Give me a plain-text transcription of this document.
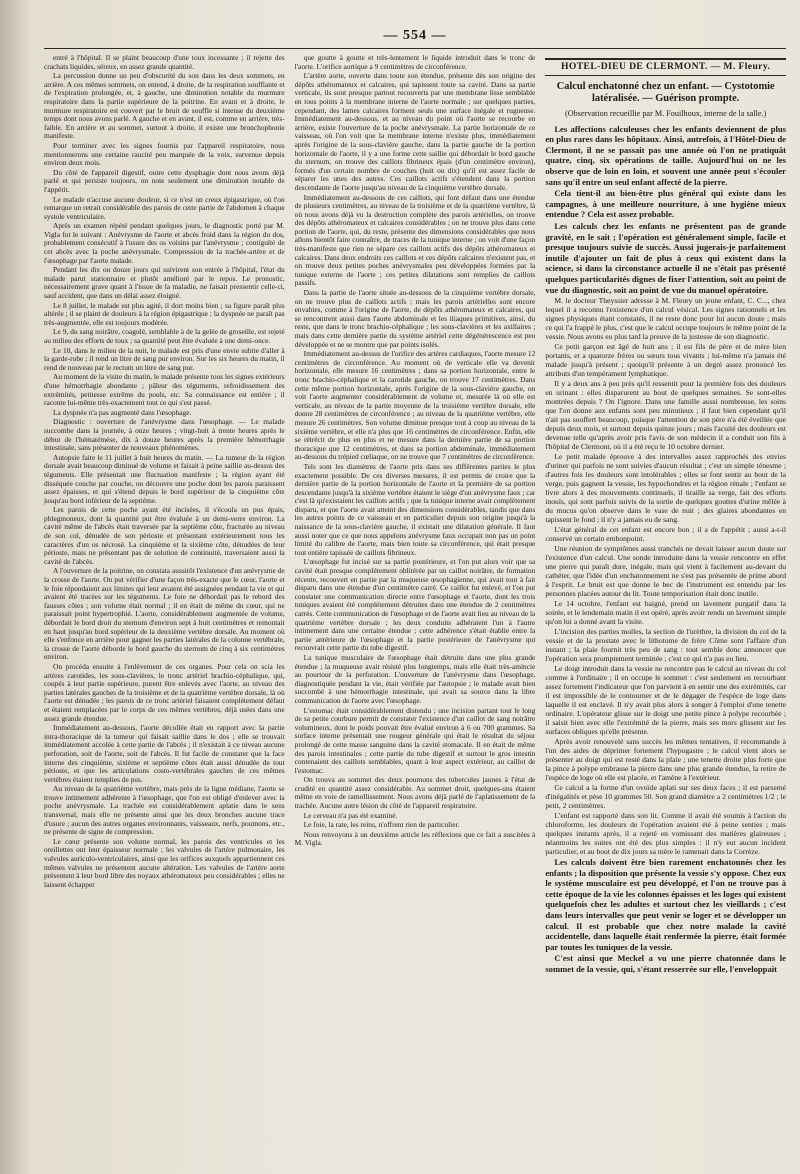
— 554 —

entré à l'hôpital. Il se plaint beaucoup d'une toux incessante ; il rejette des crachats liquides, séreux, en assez grande quantité.

La percussion donne un peu d'obscurité du son dans les deux sommets, en arrière. A ces mêmes sommets, on entend, à droite, de la respiration soufflante et de l'expiration prolongée, et, à gauche, une diminution notable du murmure respiratoire dans la partie supérieure de la poitrine. En avant et à droite, le murmure respiratoire est couvert par le bruit de souffle si intense du deuxième temps dont nous avons parlé. A gauche et en avant, il est, comme en arrière, très-faible. En arrière et au sommet, surtout à droite, il existe une bronchophonie manifeste.

Pour terminer avec les signes fournis par l'appareil respiratoire, nous mentionnerons une certaine raucité peu marquée de la voix, survenue depuis environ deux mois.

Du côté de l'appareil digestif, outre cette dysphagie dont nous avons déjà parlé et qui persiste toujours, on note seulement une diminution notable de l'appétit.

Le malade n'accuse aucune douleur, si ce n'est un creux épigastrique, où l'on remarque un retrait considérable des parois de cette partie de l'abdomen à chaque systole ventriculaire.

Après un examen répété pendant quelques jours, le diagnostic porté par M. Vigla fut le suivant : Anévrysme de l'aorte et abcès froid dans la région du dos, probablement consécutif à l'usure des os voisins par l'anévrysme ; contiguïté de cet abcès avec la poche anévrysmale. Compression de la trachée-artère et de l'œsophage par l'aorte malade.

Pendant les dix ou douze jours qui suivirent son entrée à l'hôpital, l'état du malade parut stationnaire et plutôt amélioré par le repos. Le pronostic, nécessairement grave quant à l'issue de la maladie, ne faisait pressentir celle-ci, sauf accident, que dans un délai assez éloigné.

Le 8 juillet, le malade est plus agité, il dort moins bien ; sa figure paraît plus altérée ; il se plaint de douleurs à la région épigastrique ; la dyspnée ne paraît pas très-augmentée, elle est toujours modérée.

Le 9, du sang noirâtre, coagulé, semblable à de la gelée de groseille, est rejeté au milieu des efforts de toux ; sa quantité peut être évaluée à une demi-once.

Le 10, dans le milieu de la nuit, le malade est pris d'une envie subite d'aller à la garde-robe ; il rend un litre de sang pur environ. Sur les six heures du matin, il rend de nouveau par le rectum un litre de sang pur.

Au moment de la visite du matin, le malade présente tous les signes extérieurs d'une hémorrhagie abondante ; pâleur des téguments, refroidissement des extrémités, petitesse extrême du pouls, etc. Sa connaissance est entière ; il raconte lui-même très-exactement tout ce qui s'est passé.

La dyspnée n'a pas augmenté dans l'œsophage.

Diagnostic : ouverture de l'anévrysme dans l'œsophage. — Le malade succombe dans la journée, à onze heures ; vingt-huit à trente heures après le début de l'hématémèse, dix à douze heures après la première hémorrhagie intestinale, sans présenter de nouveaux phénomènes.

Autopsie faite le 11 juillet à huit heures du matin. — La tumeur de la région dorsale avait beaucoup diminué de volume et faisait à peine saillie au-dessus des téguments. Elle présentait une fluctuation manifeste ; la région ayant été disséquée couche par couche, on découvre une poche dont les parois paraissent assez épaisses, et qui s'étend depuis le bord supérieur de la cinquième côte jusqu'au bord inférieur de la septième.

Les parois de cette poche ayant été incisées, il s'écoula un pus épais, phlegmoneux, dont la quantité put être évaluée à un demi-verre environ. La cavité même de l'abcès était traversée par la septième côte, fracturée au niveau de son col, dénudée de son périoste et présentant extérieurement tous les caractères d'un os nécrosé. La cinquième et la sixième côte, dénudées de leur périoste, mais ne présentant pas de solution de continuité, traversaient aussi la cavité de l'abcès.

A l'ouverture de la poitrine, on constata aussitôt l'existence d'un anévrysme de la crosse de l'aorte. On put vérifier d'une façon très-exacte que le cœur, l'aorte et le foie répondaient aux limites qui leur avaient été assignées pendant la vie et qui avaient été tracées sur les téguments. Le foie ne débordait pas le rebord des fausses côtes ; son volume était normal ; il en était de même du cœur, qui ne paraissait point hypertrophié. L'aorte, considérablement augmentée de volume, débordait le bord droit du sternum d'environ sept à huit centimètres et remontait en haut jusqu'au bord supérieur de la deuxième vertèbre dorsale. Au moment où elle s'enfonce en arrière pour gagner les parties latérales de la colonne vertébrale, la crosse de l'aorte déborde le bord gauche du sternum de cinq à six centimètres environ.

On procéda ensuite à l'enlèvement de ces organes. Pour cela on scia les artères carotides, les sous-clavières, le tronc artériel brachio-céphalique, qui, coupés à leur partie supérieure, purent être enlevés avec l'aorte, au niveau des parties latérales gauches de la troisième et de la quatrième vertèbre dorsale, là où l'aorte est dénudée ; les parois de ce tronc artériel faisaient complétement défaut et étaient remplacées par le corps de ces mêmes vertèbres, déjà usées dans une assez grande étendue.

Immédiatement au-dessous, l'aorte décollée était en rapport avec la partie intra-thoracique de la tumeur qui faisait saillie dans le dos ; elle se trouvait immédiatement accolée à cette partie de l'abcès ; il n'existait à ce niveau aucune perforation, soit de l'aorte, soit de l'abcès. Il fut facile de constater que la face interne des cinquième, sixième et septième côtes était aussi dénudée de tout périoste, et que les articulations costo-vertébrales gauches de ces mêmes vertèbres étaient remplies de pus.

Au niveau de la quatrième vertèbre, mais près de la ligne médiane, l'aorte se trouve intimement adhérente à l'œsophage, que l'on est obligé d'enlever avec la poche anévrysmale. La trachée est considérablement aplatie dans le sens transversal, mais elle ne présente ainsi que les deux bronches aucune trace d'usure ; aucun des autres organes environnants, vaisseaux, nerfs, poumons, etc., ne présente de signe de compression.

Le cœur présente son volume normal, les parois des ventricules et les oreillettes ont leur épaisseur normale ; les valvules de l'artère pulmonaire, les valvules auriculo-ventriculaires, ainsi que les orifices auxquels appartiennent ces mêmes valvules ne présentent aucune altération. Les valvules de l'artère aorte présentent à leur bord libre des noyaux athéromateux peu considérables ; elles ne laissent échapper

que goutte à goutte et très-lentement le liquide introduit dans le tronc de l'aorte. L'orifice aortique a 9 centimètres de circonférence.

L'artère aorte, ouverte dans toute son étendue, présente dès son origine des dépôts athéromateux et calcaires, qui tapissent toute sa cavité. Dans sa partie verticale, ils sont presque partout recouverts par une membrane lisse semblable en tous points à la membrane interne de l'aorte normale ; sur quelques parties, cependant, des lames calcaires forment seuls une surface inégale et rugueuse. Immédiatement au-dessous, et au niveau du point où l'aorte se recourbe en arrière, existe l'ouverture de la poche anévrysmale. La partie horizontale de ce vaisseau, où l'on voit que la membrane interne n'existe plus, immédiatement après l'origine de la sous-clavière gauche, dans la partie gauche de la portion horizontale de l'aorte, il y a une forme cette saillie qui débordait le bord gauche du sternum, on trouve des caillots fibrineux épais (d'un centimètre environ), formés d'un certain nombre de couches (huit ou dix) qu'il est assez facile de séparer les unes des autres. Ces caillots actifs s'étendent dans la portion descendante de l'aorte jusqu'au niveau de la cinquième vertèbre dorsale.

Immédiatement au-dessous de ces caillots, qui font défaut dans une étendue de plusieurs centimètres, au niveau de la troisième et de la quatrième vertèbre, là où nous avons déjà vu la destruction complète des parois artérielles, on trouve des dépôts athéromateux et calcaires considérables ; on ne trouve plus dans cette portion de l'aorte, qui, du reste, présente des dimensions considérables que nous allons bientôt faire connaître, de traces de la tunique interne ; on voit d'une façon très-manifeste que rien ne sépare ces caillots actifs des dépôts athéromateux et calcaires. Dans deux endroits ces caillots et ces dépôts calcaires n'existent pas, et on trouve deux petites poches anévrysmales peu développées formées par la tunique externe de l'aorte ; ces petites dilatations sont remplies de caillots passifs.

Dans la partie de l'aorte située au-dessous de la cinquième vertèbre dorsale, on ne trouve plus de caillots actifs ; mais les parois artérielles sont encore envahies, comme à l'origine de l'aorte, de dépôts athéromateux et calcaires, qui se rencontrent aussi dans l'aorte abdominale et les iliaques primitives, ainsi, du reste, que dans le tronc brachio-céphalique ; les sous-clavières et les axillaires ; mais dans cette dernière partie du système artériel cette dégénérescence est peu développée et ne se montre que par points isolés.

Immédiatement au-dessus de l'orifice des artères cardiaques, l'aorte mesure 12 centimètres de circonférence. Au moment où de verticale elle va devenir horizontale, elle mesure 16 centimètres ; dans sa portion horizontale, entre le tronc brachio-céphalique et la carotide gauche, on trouve 17 centimètres. Dans cette même portion horizontale, après l'origine de la sous-clavière gauche, on voit l'aorte augmenter considérablement de volume et, mesurée là où elle est verticale, au niveau de la partie moyenne de la troisième vertèbre dorsale, elle donne 28 centimètres de circonférence ; au niveau de la quatrième vertèbre, elle mesure 26 centimètres. Son volume diminue presque tout à coup au niveau de la sixième vertèbre, et elle n'a plus que 16 centimètres de circonférence. Enfin, elle se rétrécit de plus en plus et ne mesure dans la dernière partie de sa portion thoracique que 12 centimètres, et dans sa portion abdominale, immédiatement au-dessous du trépied cœliaque, on ne trouve que 7 centimètres de circonférence.

Tels sont les diamètres de l'aorte pris dans ses différentes parties le plus exactement possible. De ces diverses mesures, il est permis de croire que la dernière partie de la portion horizontale de l'aorte et la première de sa portion descendante jusqu'à la sixième vertèbre étaient le siège d'un anévrysme faux ; car c'est là qu'existaient les caillots actifs ; que la tunique interne avait complètement disparu, et que l'aorte avait atteint des dimensions considérables, tandis que dans les autres points de ce vaisseau et en particulier depuis son origine jusqu'à la naissance de la sous-clavière gauche, il existait une dilatation générale. Il faut aussi noter que ce que nous appelons anévrysme faux occupait non pas un point limité du calibre de l'aorte, mais bien toute sa circonférence, qui était presque tout entière tapissée de caillots fibrineux.

L'œsophage fut incisé sur sa partie postérieure, et l'on put alors voir que sa cavité était presque complétement oblitérée par un caillot noirâtre, de formation récente, recouvert en partie par la muqueuse œsophagienne, qui avait tout à fait disparu dans une étendue d'un centimètre carré. Ce caillot fut enlevé, et l'on put constater une communication directe entre l'œsophage et l'aorte, dont les trois tuniques avaient été complétement détruites dans une étendue de 2 centimètres carrés. Cette communication de l'œsophage et de l'aorte avait lieu au niveau de la quatrième vertèbre dorsale ; les deux conduits adhéraient l'un à l'autre intimement dans une certaine étendue ; cette adhérence s'était établie entre la partie antérieure de l'œsophage et la partie postérieure de l'anévrysme qui recouvrait cette partie du tube digestif.

La tunique musculaire de l'œsophage était détruite dans une plus grande étendue ; la muqueuse avait résisté plus longtemps, mais elle était très-amincie au pourtour de la perforation. L'ouverture de l'anévrysme dans l'œsophage, diagnostiquée pendant la vie, était vérifiée par l'autopsie ; le malade avait bien succombé à une hémorrhagie intestinale, qui avait sa source dans la libre communication de l'aorte avec l'œsophage.

L'estomac était considérablement distendu ; une incision partant tout le long de sa petite courbure permit de constater l'existence d'un caillot de sang noirâtre volumineux, dont le poids pouvait être évalué environ à 6 ou 700 grammes. Sa surface interne présentait une rougeur générale qui était le résultat du séjour prolongé de cette masse sanguine dans la cavité stomacale. Il en était de même des parois intestinales ; cette partie du tube digestif et surtout le gros intestin contenaient des caillots semblables, quant à leur aspect extérieur, au caillot de l'estomac.

On trouva au sommet des deux poumons des tubercules jaunes à l'état de crudité en quantité assez considérable. Au sommet droit, quelques-uns étaient même en voie de ramollissement. Nous avons déjà parlé de l'aplatissement de la trachée. Aucune autre lésion du côté de l'appareil respiratoire.

Le cerveau n'a pas été examiné.

Le foie, la rate, les reins, n'offrent rien de particulier.

Nous renvoyons à un deuxième article les réflexions que ce fait a suscitées à M. Vigla.

HOTEL-DIEU DE CLERMONT. — M. Fleury.
Calcul enchatonné chez un enfant. — Cystotomie latéralisée. — Guérison prompte.
(Observation recueillie par M. Fouilhoux, interne de la salle.)

Les affections calculeuses chez les enfants deviennent de plus en plus rares dans les hôpitaux. Ainsi, autrefois, à l'Hôtel-Dieu de Clermont, il ne se passait pas une année où l'on ne pratiquât quatre, cinq, six opérations de taille. Aujourd'hui on ne les observe que de loin en loin, et souvent une année peut s'écouler sans qu'il entre un seul enfant affecté de la pierre.

Cela tient-il au bien-être plus général qui existe dans les campagnes, à une meilleure nourriture, à une hygiène mieux entendue ? Cela est assez probable.

Les calculs chez les enfants ne présentent pas de grande gravité, en le sait ; l'opération est généralement simple, facile et presque toujours suivie de succès. Aussi jugerais-je parfaitement inutile d'ajouter un fait de plus à ceux qui existent dans la science, si dans la circonstance actuelle il ne s'était pas présenté quelques particularités dignes de fixer l'attention, soit au point de vue du diagnostic, soit au point de vue du manuel opératoire.

M. le docteur Theyssier adresse à M. Fleury un jeune enfant, C. C..., chez lequel il a reconnu l'existence d'un calcul vésical. Les signes rationnels et les signes physiques étant constatés, il ne reste donc pour lui aucun doute ; mais ce qui l'a frappé le plus, c'est que le calcul occupe toujours le même point de la vessie. Nous avons eu plus tard la preuve de la justesse de son diagnostic.

Ce petit garçon est âgé de huit ans ; il est fils de père et de mère bien portants, et a quatorze frères ou sœurs tous vivants ; lui-même n'a jamais été malade jusqu'à présent ; quoiqu'il présente à un degré assez prononcé les attributs d'un tempérament lymphatique.

Il y a deux ans à peu près qu'il ressentit pour la première fois des douleurs en urinant : elles disparurent au bout de quelques semaines. Se sont-elles montrées depuis ? On l'ignore. Dans une famille aussi nombreuse, les soins que l'on donne aux enfants sont peu minutieux ; il faut bien cependant qu'il n'ait pas souffert beaucoup, puisque l'attention de son père n'a été éveillée que depuis deux mois, et surtout depuis quinze jours ; mais l'acuité des douleurs est devenue telle qu'après avoir pris l'avis de son médecin il a conduit son fils à l'hôpital de Clermont, où il a été reçu le 10 octobre dernier.

Le petit malade éprouve à des intervalles assez rapprochés des envies d'uriner qui parfois ne sont suivies d'aucun résultat ; c'est un simple ténesme ; d'autres fois les douleurs sont intolérables ; elles se font sentir au bout de la verge, puis gagnent la vessie, les hypochondres et la région rénale ; l'enfant se livre alors à des mouvements continuels, il tiraille sa verge, fait des efforts inouïs, qui sont parfois suivis de la sortie de quelques gouttes d'urine mêlée à du mucus qu'on observe dans le vase de nuit ; des glaires abondantes en tapissent le fond ; il n'y a jamais eu de sang.

L'état général de cet enfant est encore bon ; il a de l'appétit ; aussi a-t-il conservé un certain embonpoint.

Une réunion de symptômes aussi tranchés ne devait laisser aucun doute sur l'existence d'un calcul. Une sonde introduite dans la vessie rencontre en effet une pierre qui paraît dure, inégale, mais qui vient à facilement au-devant du cathéter, que l'idée d'un enchatonnement ne s'est pas présentée de prime abord à l'esprit. Le bruit est que donne le bec de l'instrument est entendu par les personnes placées autour du lit. Toute temporisation était donc inutile.

Le 14 octobre, l'enfant est baigné, prend un lavement purgatif dans la soirée, et le lendemain matin il est opéré, après avoir rendu un lavement simple qu'on lui a donné avant la visite.

L'incision des parties molles, la section de l'urèthre, la division du col de la vessie et de la prostate avec le lithotome de frère Côme sont l'affaire d'un instant ; la plaie fournit très peu de sang : tout semble donc annoncer que l'opération sera promptement terminée ; c'est ce qui n'a pas eu lieu.

Le doigt introduit dans la vessie ne rencontre pas le calcul au niveau du col comme à l'ordinaire ; il en occupe le sommet : c'est seulement en recourbant assez fortement l'indicateur que l'on parvient à en sentir une des extrémités, car il est impossible de le contourner et de le dégager de l'espèce de loge dans laquelle il est enclavé. Il n'y avait plus alors à songer à l'emploi d'une tenette ordinaire. L'opérateur glisse sur le doigt une petite pince à polype recourbée ; il saisit bien avec elle l'extrémité de la pierre, mais ses mors glissent sur les surfaces obliques qu'elle présente.

Après avoir renouvelé sans succès les mêmes tentatives, il recommande à l'un des aides de déprimer fortement l'hypogastre ; le calcul vient alors se présenter au doigt qui est resté dans la plaie ; une tenette droite plus forte que la pince à polype embrasse la pierre dans une plus grande étendue, la retire de l'espèce de loge où elle est placée, et l'amène à l'extérieur.

Ce calcul a la forme d'un ovoïde aplati sur ses deux faces ; il est parsemé d'inégalités et pèse 10 grammes 50. Son grand diamètre a 2 centimètres 1/2 ; le petit, 2 centimètres.

L'enfant est rapporté dans son lit. Comme il avait été soumis à l'action du chloroforme, les douleurs de l'opération avaient été à peine senties ; mais quelques instants après, il a rejeté en vomissant des matières glaireuses ; néanmoins les suites ont été des plus simples : il n'y eut aucun incident particulier, et au bout de dix jours sa mère le ramenait dans la Corrèze.

Les calculs doivent être bien rarement enchatonnés chez les enfants ; la disposition que présente la vessie s'y oppose. Chez eux le système musculaire est peu développé, et l'on ne trouve pas à cette époque de la vie les colonnes épaisses et les loges qui existent quelquefois chez les adultes et surtout chez les vieillards ; c'est dans leurs intervalles que peut venir se loger et se développer un calcul. Il est probable que chez notre malade la cavité accidentelle, dans laquelle était renfermée la pierre, était formée par toutes les tuniques de la vessie.

C'est ainsi que Meckel a vu une pierre chatonnée dans le sommet de la vessie, qui, s'étant resserrée sur elle, l'enveloppait
